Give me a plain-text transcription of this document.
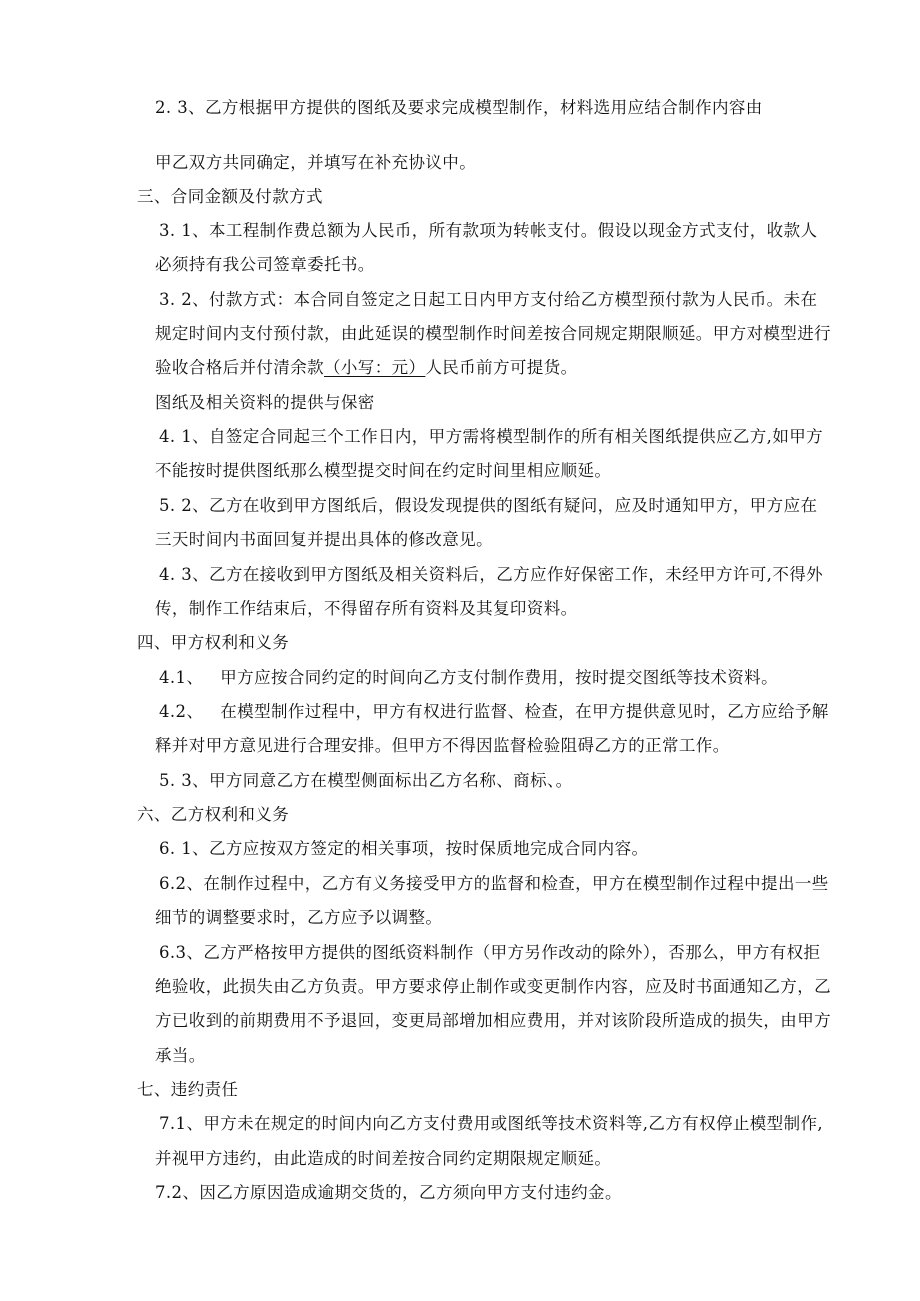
2. 3、乙方根据甲方提供的图纸及要求完成模型制作，材料选用应结合制作内容由
甲乙双方共同确定，并填写在补充协议中。
三、合同金额及付款方式
3. 1、本工程制作费总额为人民币，所有款项为转帐支付。假设以现金方式支付，收款人
必须持有我公司签章委托书。
3. 2、付款方式：本合同自签定之日起工日内甲方支付给乙方模型预付款为人民币。未在
规定时间内支付预付款，由此延误的模型制作时间差按合同规定期限顺延。甲方对模型进行
验收合格后并付清余款（小写：元）人民币前方可提货。
图纸及相关资料的提供与保密
4. 1、自签定合同起三个工作日内，甲方需将模型制作的所有相关图纸提供应乙方,如甲方
不能按时提供图纸那么模型提交时间在约定时间里相应顺延。
5. 2、乙方在收到甲方图纸后，假设发现提供的图纸有疑问，应及时通知甲方，甲方应在
三天时间内书面回复并提出具体的修改意见。
4. 3、乙方在接收到甲方图纸及相关资料后，乙方应作好保密工作，未经甲方许可,不得外
传，制作工作结束后，不得留存所有资料及其复印资料。
四、甲方权利和义务
4.1、   甲方应按合同约定的时间向乙方支付制作费用，按时提交图纸等技术资料。
4.2、   在模型制作过程中，甲方有权进行监督、检查，在甲方提供意见时，乙方应给予解
释并对甲方意见进行合理安排。但甲方不得因监督检验阻碍乙方的正常工作。
5. 3、甲方同意乙方在模型侧面标出乙方名称、商标、。
六、乙方权利和义务
6. 1、乙方应按双方签定的相关事项，按时保质地完成合同内容。
6.2、在制作过程中，乙方有义务接受甲方的监督和检查，甲方在模型制作过程中提出一些
细节的调整要求时，乙方应予以调整。
6.3、乙方严格按甲方提供的图纸资料制作（甲方另作改动的除外），否那么，甲方有权拒
绝验收，此损失由乙方负责。甲方要求停止制作或变更制作内容，应及时书面通知乙方，乙
方已收到的前期费用不予退回，变更局部增加相应费用，并对该阶段所造成的损失，由甲方
承当。
七、违约责任
7.1、甲方未在规定的时间内向乙方支付费用或图纸等技术资料等,乙方有权停止模型制作,
并视甲方违约，由此造成的时间差按合同约定期限规定顺延。
7.2、因乙方原因造成逾期交货的，乙方须向甲方支付违约金。
